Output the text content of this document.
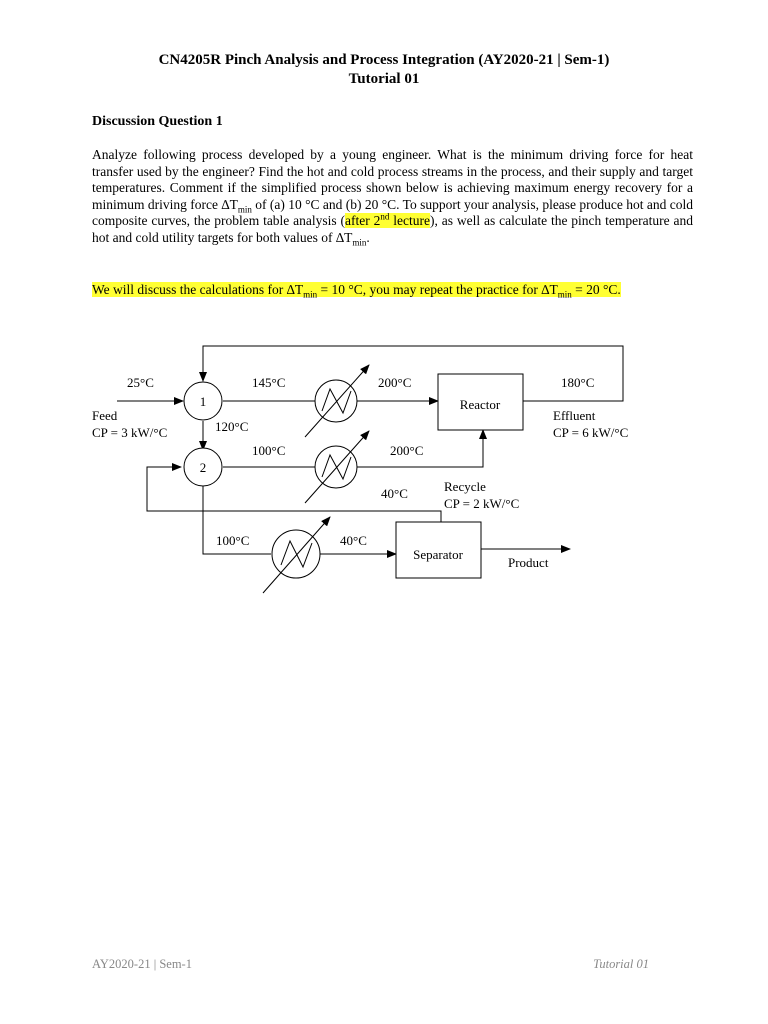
CN4205R Pinch Analysis and Process Integration (AY2020-21 | Sem-1)
Tutorial 01
Discussion Question 1
Analyze following process developed by a young engineer. What is the minimum driving force for heat transfer used by the engineer? Find the hot and cold process streams in the process, and their supply and target temperatures. Comment if the simplified process shown below is achieving maximum energy recovery for a minimum driving force $\Delta T_{min}$ of (a) 10 °C and (b) 20 °C. To support your analysis, please produce hot and cold composite curves, the problem table analysis (after 2nd lecture), as well as calculate the pinch temperature and hot and cold utility targets for both values of $\Delta T_{min}$.
We will discuss the calculations for $\Delta T_{min} = 10$ °C, you may repeat the practice for $\Delta T_{min} = 20$ °C.
1
2
Reactor
Separator
25°C	145°C	200°C	180°C
120°C
100°C	200°C
40°C
100°C	40°C
Feed
CP = 3 kW/°C
Effluent
CP = 6 kW/°C
Recycle
CP = 2 kW/°C
Product
AY2020-21 | Sem-1	Tutorial 01
